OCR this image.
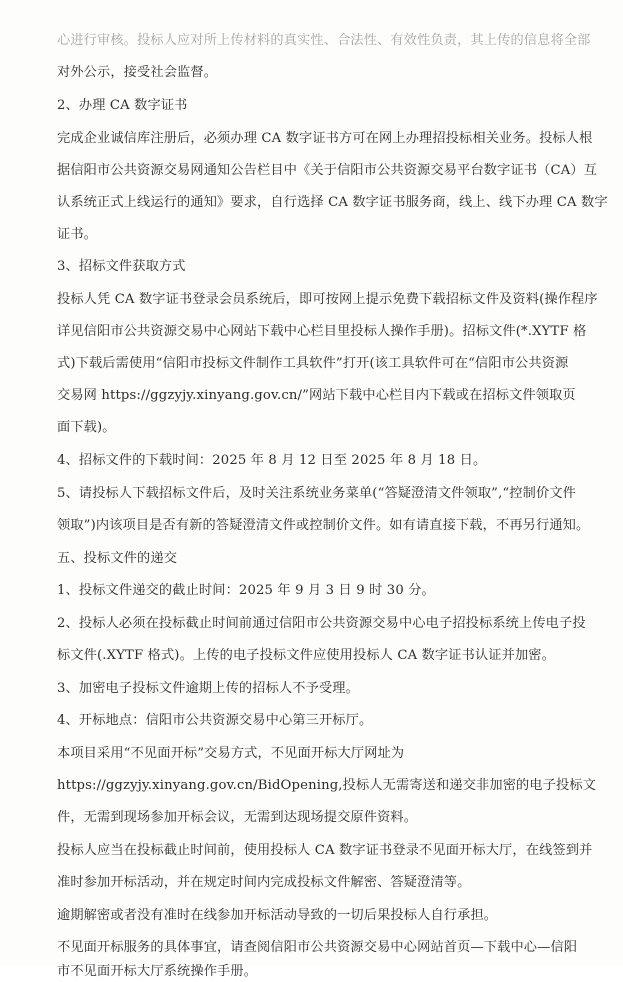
心进行审核。投标人应对所上传材料的真实性、合法性、有效性负责，其上传的信息将全部
对外公示，接受社会监督。
2、办理 CA 数字证书
完成企业诚信库注册后，必须办理 CA 数字证书方可在网上办理招投标相关业务。投标人根
据信阳市公共资源交易网通知公告栏目中《关于信阳市公共资源交易平台数字证书（CA）互
认系统正式上线运行的通知》要求，自行选择 CA 数字证书服务商，线上、线下办理 CA 数字
证书。
3、招标文件获取方式
投标人凭 CA 数字证书登录会员系统后，即可按网上提示免费下载招标文件及资料(操作程序
详见信阳市公共资源交易中心网站下载中心栏目里投标人操作手册)。招标文件(*.XYTF 格
式)下载后需使用“信阳市投标文件制作工具软件”打开(该工具软件可在“信阳市公共资源
交易网 https://ggzyjy.xinyang.gov.cn/”网站下载中心栏目内下载或在招标文件领取页
面下载)。
4、招标文件的下载时间：2025 年 8 月 12 日至 2025 年 8 月 18 日。
5、请投标人下载招标文件后，及时关注系统业务菜单(“答疑澄清文件领取”,“控制价文件
领取”)内该项目是否有新的答疑澄清文件或控制价文件。如有请直接下载，不再另行通知。
五、投标文件的递交
1、投标文件递交的截止时间：2025 年 9 月 3 日 9 时 30 分。
2、投标人必须在投标截止时间前通过信阳市公共资源交易中心电子招投标系统上传电子投
标文件(.XYTF 格式)。上传的电子投标文件应使用投标人 CA 数字证书认证并加密。
3、加密电子投标文件逾期上传的招标人不予受理。
4、开标地点：信阳市公共资源交易中心第三开标厅。
本项目采用“不见面开标”交易方式，不见面开标大厅网址为
https://ggzyjy.xinyang.gov.cn/BidOpening,投标人无需寄送和递交非加密的电子投标文
件，无需到现场参加开标会议，无需到达现场提交原件资料。
投标人应当在投标截止时间前，使用投标人 CA 数字证书登录不见面开标大厅，在线签到并
准时参加开标活动，并在规定时间内完成投标文件解密、答疑澄清等。
逾期解密或者没有准时在线参加开标活动导致的一切后果投标人自行承担。
不见面开标服务的具体事宜，请查阅信阳市公共资源交易中心网站首页—下载中心—信阳
市不见面开标大厅系统操作手册。
